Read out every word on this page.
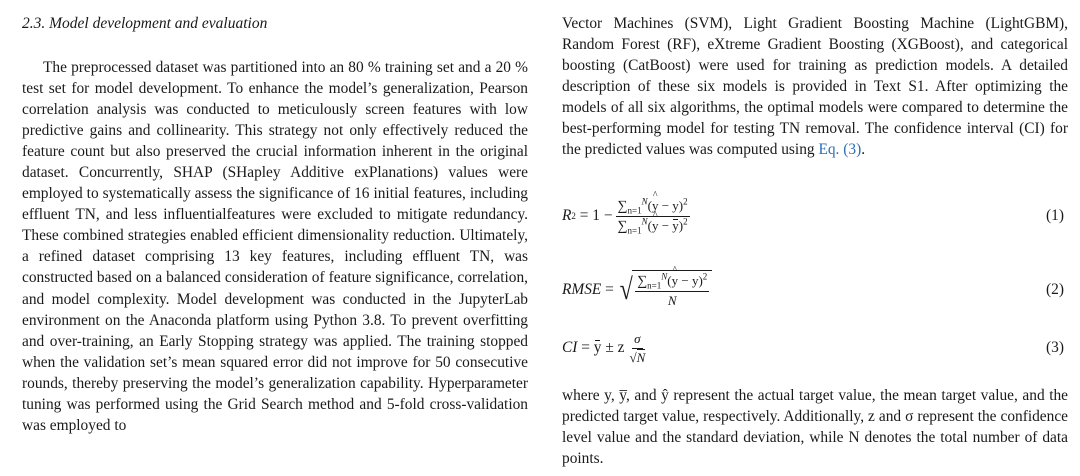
2.3. Model development and evaluation

The preprocessed dataset was partitioned into an 80 % training set and a 20 % test set for model development. To enhance the model’s generalization, Pearson correlation analysis was conducted to meticulously screen features with low predictive gains and collinearity. This strategy not only effectively reduced the feature count but also preserved the crucial information inherent in the original dataset. Concurrently, SHAP (SHapley Additive exPlanations) values were employed to systematically assess the significance of 16 initial features, including effluent TN, and less influentialfeatures were excluded to mitigate redundancy. These combined strategies enabled efficient dimensionality reduction. Ultimately, a refined dataset comprising 13 key features, including effluent TN, was constructed based on a balanced consideration of feature significance, correlation, and model complexity. Model development was conducted in the JupyterLab environment on the Anaconda platform using Python 3.8. To prevent overfitting and over-training, an Early Stopping strategy was applied. The training stopped when the validation set’s mean squared error did not improve for 50 consecutive rounds, thereby preserving the model’s generalization capability. Hyperparameter tuning was performed using the Grid Search method and 5-fold cross-validation was employed to

Vector Machines (SVM), Light Gradient Boosting Machine (LightGBM), Random Forest (RF), eXtreme Gradient Boosting (XGBoost), and categorical boosting (CatBoost) were used for training as prediction models. A detailed description of these six models is provided in Text S1. After optimizing the models of all six algorithms, the optimal models were compared to determine the best-performing model for testing TN removal. The confidence interval (CI) for the predicted values was computed using Eq. (3).

R $2 = 1 - \frac{\sum_{n=1}^N(\^{} y - y)^2}{\sum_{n=1}^N(\^{} y - y)^2}$	(1)
RMSE = √ $\frac{\sum_{n=1}^N(\^{} y - y)^2}{N}$	(2)
CI = y ± z $\frac{\sigma}{√N}$	(3)

where y, y̅, and ŷ represent the actual target value, the mean target value, and the predicted target value, respectively. Additionally, z and σ represent the confidence level value and the standard deviation, while N denotes the total number of data points.
